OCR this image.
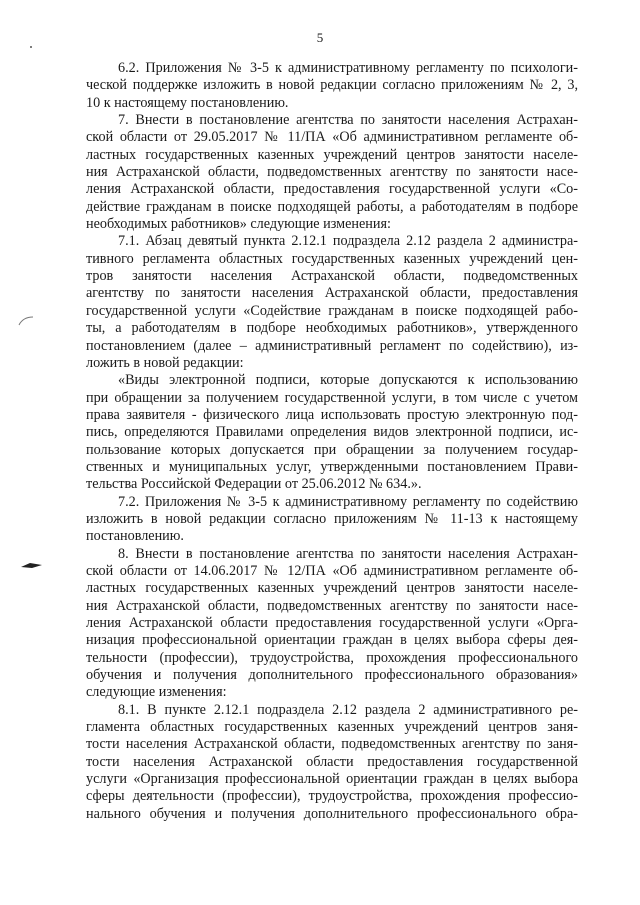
5
6.2. Приложения № 3-5 к административному регламенту по психологи-
ческой поддержке изложить в новой редакции согласно приложениям № 2, 3,
10 к настоящему постановлению.
7. Внести в постановление агентства по занятости населения Астрахан-
ской области от 29.05.2017 № 11/ПА «Об административном регламенте об-
ластных государственных казенных учреждений центров занятости населе-
ния Астраханской области, подведомственных агентству по занятости насе-
ления Астраханской области, предоставления государственной услуги «Со-
действие гражданам в поиске подходящей работы, а работодателям в подборе
необходимых работников» следующие изменения:
7.1. Абзац девятый пункта 2.12.1 подраздела 2.12 раздела 2 администра-
тивного регламента областных государственных казенных учреждений цен-
тров занятости населения Астраханской области, подведомственных
агентству по занятости населения Астраханской области, предоставления
государственной услуги «Содействие гражданам в поиске подходящей рабо-
ты, а работодателям в подборе необходимых работников», утвержденного
постановлением (далее – административный регламент по содействию), из-
ложить в новой редакции:
«Виды электронной подписи, которые допускаются к использованию
при обращении за получением государственной услуги, в том числе с учетом
права заявителя - физического лица использовать простую электронную под-
пись, определяются Правилами определения видов электронной подписи, ис-
пользование которых допускается при обращении за получением государ-
ственных и муниципальных услуг, утвержденными постановлением Прави-
тельства Российской Федерации от 25.06.2012 № 634.».
7.2. Приложения № 3-5 к административному регламенту по содействию
изложить в новой редакции согласно приложениям № 11-13 к настоящему
постановлению.
8. Внести в постановление агентства по занятости населения Астрахан-
ской области от 14.06.2017 № 12/ПА «Об административном регламенте об-
ластных государственных казенных учреждений центров занятости населе-
ния Астраханской области, подведомственных агентству по занятости насе-
ления Астраханской области предоставления государственной услуги «Орга-
низация профессиональной ориентации граждан в целях выбора сферы дея-
тельности (профессии), трудоустройства, прохождения профессионального
обучения и получения дополнительного профессионального образования»
следующие изменения:
8.1. В пункте 2.12.1 подраздела 2.12 раздела 2 административного ре-
гламента областных государственных казенных учреждений центров заня-
тости населения Астраханской области, подведомственных агентству по заня-
тости населения Астраханской области предоставления государственной
услуги «Организация профессиональной ориентации граждан в целях выбора
сферы деятельности (профессии), трудоустройства, прохождения профессио-
нального обучения и получения дополнительного профессионального обра-
